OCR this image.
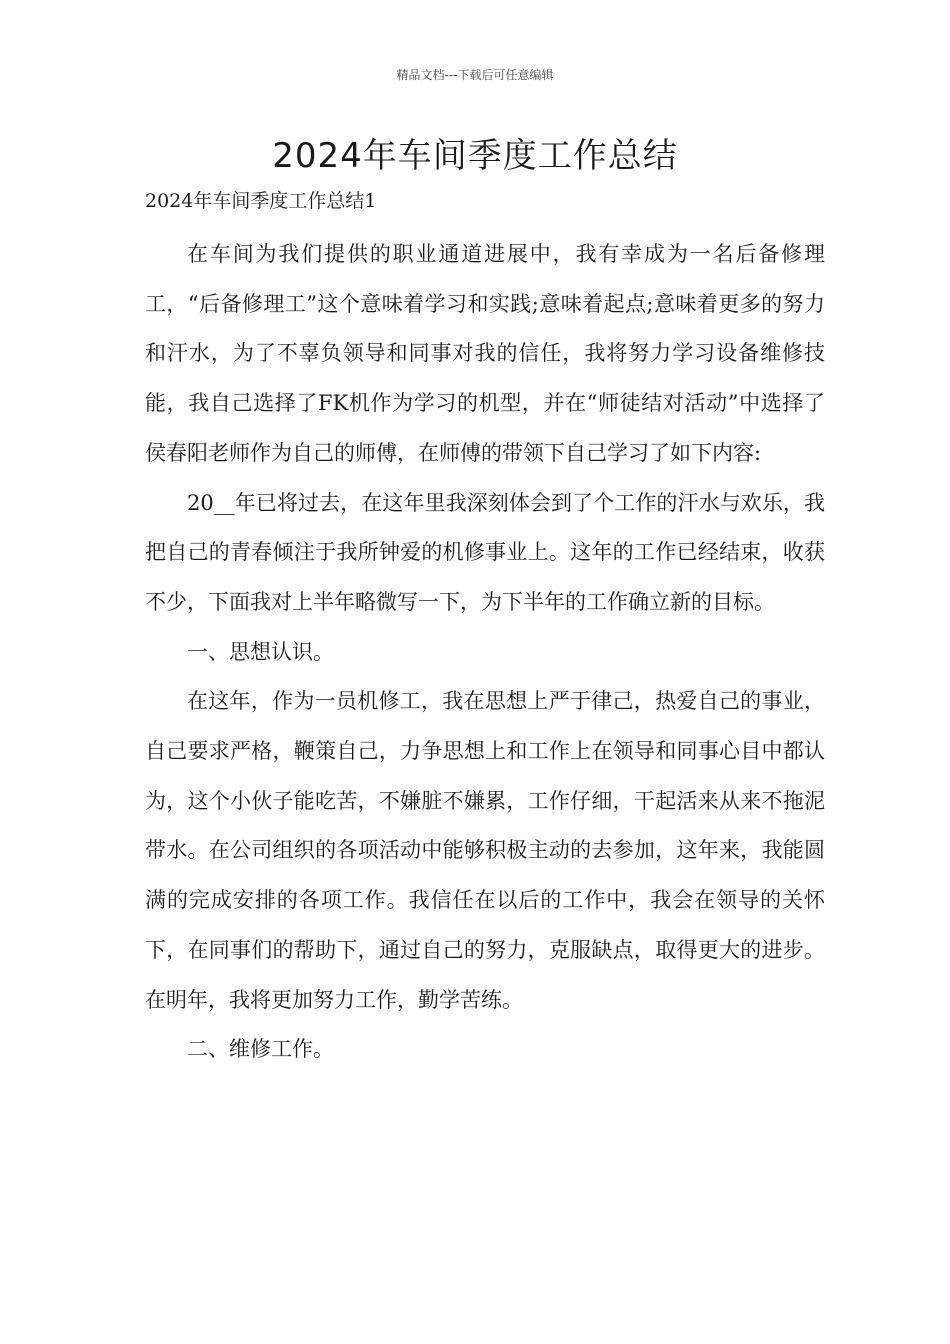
精品文档---下载后可任意编辑
2024年车间季度工作总结

2024年车间季度工作总结1

在车间为我们提供的职业通道进展中，我有幸成为一名后备修理工，“后备修理工”这个意味着学习和实践;意味着起点;意味着更多的努力和汗水，为了不辜负领导和同事对我的信任，我将努力学习设备维修技能，我自己选择了FK机作为学习的机型，并在“师徒结对活动”中选择了侯春阳老师作为自己的师傅，在师傅的带领下自己学习了如下内容:

20__年已将过去，在这年里我深刻体会到了个工作的汗水与欢乐，我把自己的青春倾注于我所钟爱的机修事业上。这年的工作已经结束，收获不少，下面我对上半年略微写一下，为下半年的工作确立新的目标。

一、思想认识。

在这年，作为一员机修工，我在思想上严于律己，热爱自己的事业，自己要求严格，鞭策自己，力争思想上和工作上在领导和同事心目中都认为，这个小伙子能吃苦，不嫌脏不嫌累，工作仔细，干起活来从来不拖泥带水。在公司组织的各项活动中能够积极主动的去参加，这年来，我能圆满的完成安排的各项工作。我信任在以后的工作中，我会在领导的关怀下，在同事们的帮助下，通过自己的努力，克服缺点，取得更大的进步。在明年，我将更加努力工作，勤学苦练。

二、维修工作。
